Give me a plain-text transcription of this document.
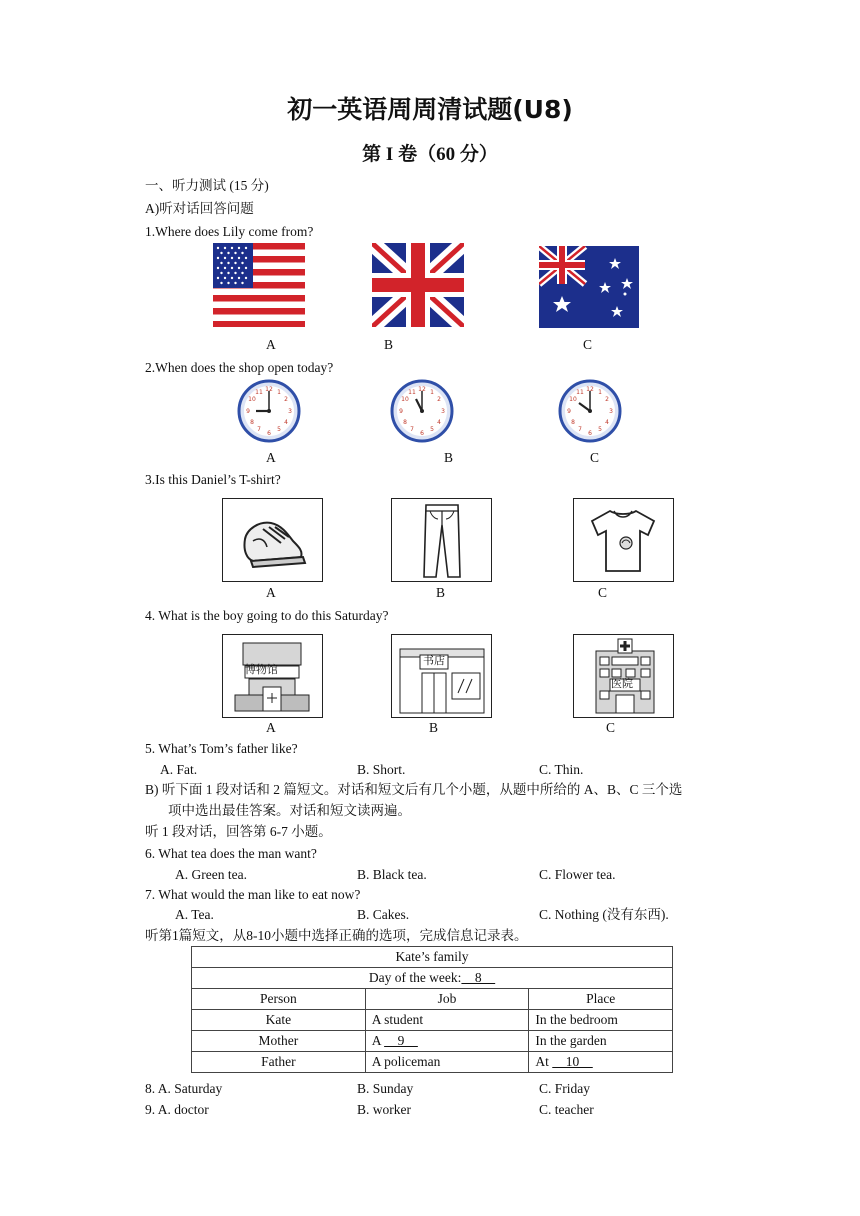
初一英语周周清试题(U8)
第 I 卷（60 分）
一、听力测试 (15 分)
A)听对话回答问题
1.Where does Lily come from?
A	B	C
2.When does the shop open today?
12 1
2
3
4
5
6
7
8
9
10
11	12 1
2
3
4
5
6
7
8
9
10
11	12 1
2
3
4
5
6
7
8
9
10
11
A	B	C
3.Is this Daniel’s T-shirt?
A	B	C
4. What is the boy going to do this Saturday?
博物馆
书店
医院
A	B	C
5. What’s Tom’s father like?
A. Fat.	B. Short.	C. Thin.
B) 听下面 1 段对话和 2 篇短文。对话和短文后有几个小题，从题中所给的 A、B、C 三个选
项中选出最佳答案。对话和短文读两遍。
听 1 段对话，回答第 6-7 小题。
6. What tea does the man want?
A. Green tea.	B. Black tea.	C. Flower tea.
7. What would the man like to eat now?
A. Tea.	B. Cakes.	C. Nothing (没有东西).
听第1篇短文，从8-10小题中选择正确的选项，完成信息记录表。
Kate’s family		
Day of the week:    8		
Person	Job	Place
Kate	A student	In the bedroom
Mother	A     9	In the garden
Father	A policeman	At     10
8. A. Saturday	B. Sunday	C. Friday
9. A. doctor	B. worker	C. teacher
